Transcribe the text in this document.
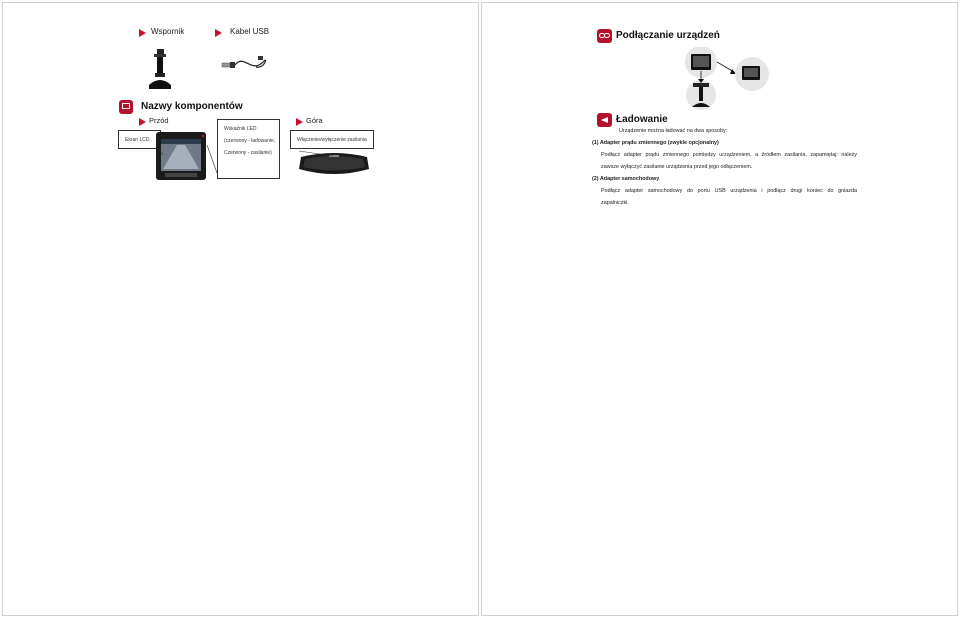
Wspornik	Kabel USB
Nazwy komponentów
Przód	Góra
Ekran LCD
Wskaźnik LED
(czerwony - ładowanie,
Czerwony - zasilanie)
Włączenie/wyłączenie zasilania
Podłączanie urządzeń
Ładowanie
Urządzenie można ładować na dwa sposoby:
(1) Adapter prądu zmiennego (zwykle opcjonalny)
Podłącz adapter prądu zmiennego pomiędzy urządzeniem, a źródłem zasilania, zapamiętaj: należy
zawsze wyłączyć zasilanie urządzenia przed jego odłączeniem.
(2) Adapter samochodowy
Podłącz adapter samochodowy do portu USB urządzenia i podłącz drugi koniec do gniazda
zapalniczki.
